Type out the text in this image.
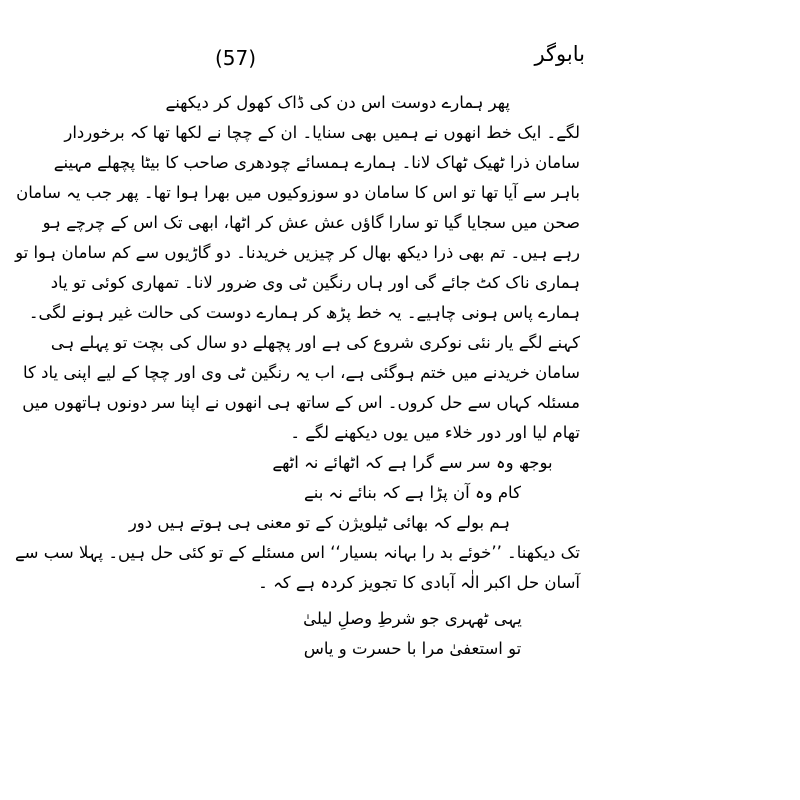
(57)	بابوگر
پھر ہمارے دوست اس دن کی ڈاک کھول کر دیکھنے
لگے۔ ایک خط انھوں نے ہمیں بھی سنایا۔ ان کے چچا نے لکھا تھا کہ برخوردار
سامان ذرا ٹھیک ٹھاک لانا۔ ہمارے ہمسائے چودھری صاحب کا بیٹا پچھلے مہینے
باہر سے آیا تھا تو اس کا سامان دو سوزوکیوں میں بھرا ہوا تھا۔ پھر جب یہ سامان
صحن میں سجایا گیا تو سارا گاؤں عش عش کر اٹھا، ابھی تک اس کے چرچے ہو
رہے ہیں۔ تم بھی ذرا دیکھ بھال کر چیزیں خریدنا۔ دو گاڑیوں سے کم سامان ہوا تو
ہماری ناک کٹ جائے گی اور ہاں رنگین ٹی وی ضرور لانا۔ تمھاری کوئی تو یاد
ہمارے پاس ہونی چاہیے۔ یہ خط پڑھ کر ہمارے دوست کی حالت غیر ہونے لگی۔
کہنے لگے یار نئی نوکری شروع کی ہے اور پچھلے دو سال کی بچت تو پہلے ہی
سامان خریدنے میں ختم ہوگئی ہے، اب یہ رنگین ٹی وی اور چچا کے لیے اپنی یاد کا
مسئلہ کہاں سے حل کروں۔ اس کے ساتھ ہی انھوں نے اپنا سر دونوں ہاتھوں میں
تھام لیا اور دور خلاء میں یوں دیکھنے لگے ۔
بوجھ وہ سر سے گرا ہے کہ اٹھائے نہ اٹھے
کام وہ آن پڑا ہے کہ بنائے نہ بنے
ہم بولے کہ بھائی ٹیلویژن کے تو معنی ہی ہوتے ہیں دور
تک دیکھنا۔ ’’خوئے بد را بہانہ بسیار‘‘ اس مسئلے کے تو کئی حل ہیں۔ پہلا سب سے
آسان حل اکبر الٰہ آبادی کا تجویز کردہ ہے کہ ۔
یہی ٹھہری جو شرطِ وصلِ لیلیٰ
تو استعفیٰ مرا با حسرت و یاس
